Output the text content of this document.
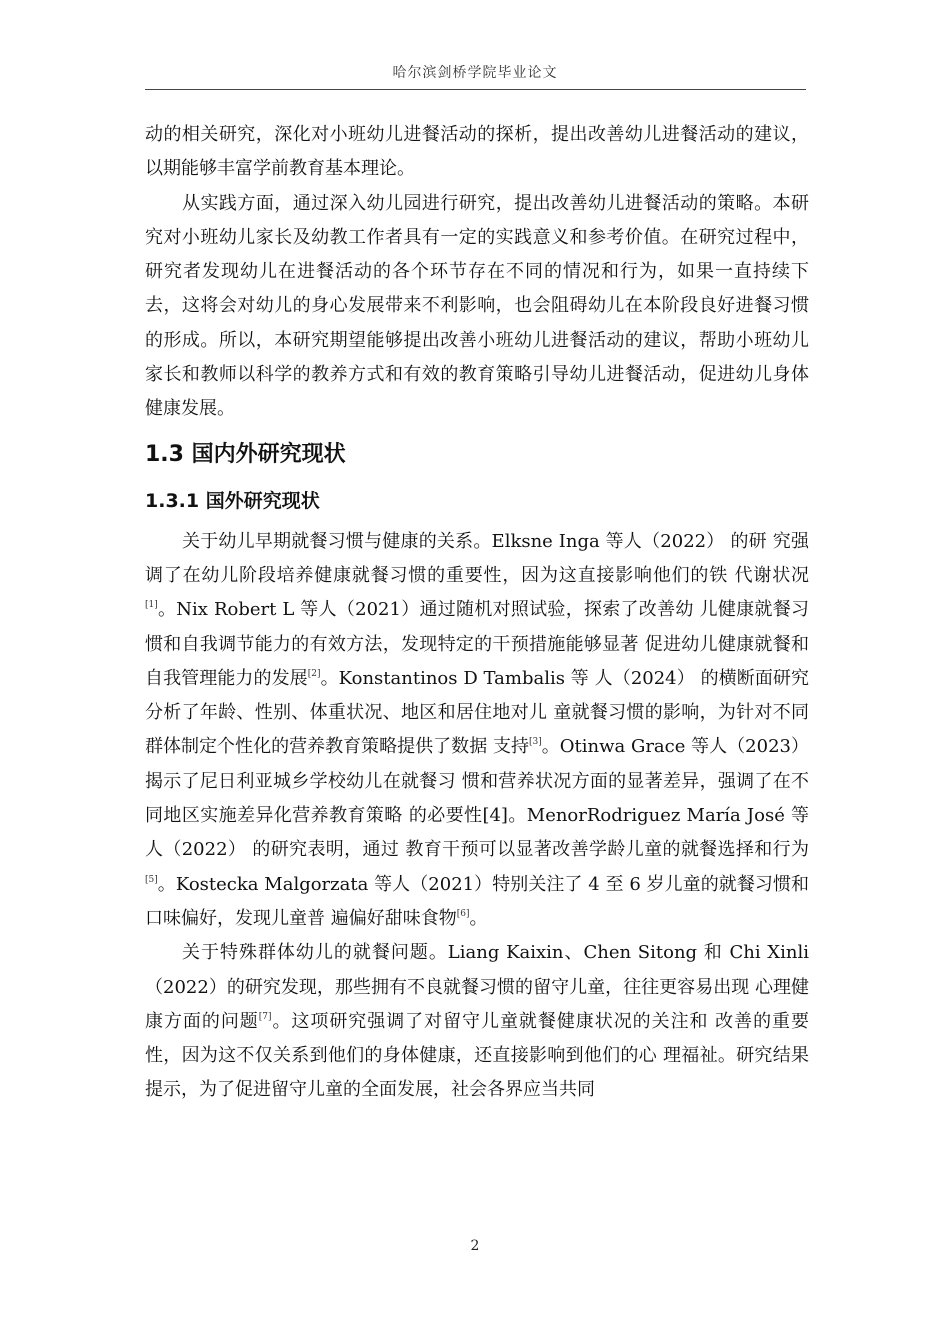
哈尔滨剑桥学院毕业论文

动的相关研究，深化对小班幼儿进餐活动的探析，提出改善幼儿进餐活动的建议， 以期能够丰富学前教育基本理论。

从实践方面，通过深入幼儿园进行研究，提出改善幼儿进餐活动的策略。本研究对小班幼儿家长及幼教工作者具有一定的实践意义和参考价值。在研究过程中，研究者发现幼儿在进餐活动的各个环节存在不同的情况和行为，如果一直持续下去，这将会对幼儿的身心发展带来不利影响，也会阻碍幼儿在本阶段良好进餐习惯的形成。所以，本研究期望能够提出改善小班幼儿进餐活动的建议，帮助小班幼儿家长和教师以科学的教养方式和有效的教育策略引导幼儿进餐活动，促进幼儿身体健康发展。

1.3 国内外研究现状
1.3.1 国外研究现状

关于幼儿早期就餐习惯与健康的关系。Elksne Inga 等人（2022） 的研 究强调了在幼儿阶段培养健康就餐习惯的重要性，因为这直接影响他们的铁 代谢状况[1]。Nix Robert L 等人（2021）通过随机对照试验，探索了改善幼 儿健康就餐习惯和自我调节能力的有效方法，发现特定的干预措施能够显著 促进幼儿健康就餐和自我管理能力的发展[2]。Konstantinos D Tambalis 等 人（2024） 的横断面研究分析了年龄、性别、体重状况、地区和居住地对儿 童就餐习惯的影响，为针对不同群体制定个性化的营养教育策略提供了数据 支持[3]。Otinwa Grace 等人（2023）揭示了尼日利亚城乡学校幼儿在就餐习 惯和营养状况方面的显著差异，强调了在不同地区实施差异化营养教育策略 的必要性[4]。MenorRodriguez María José 等人（2022） 的研究表明，通过 教育干预可以显著改善学龄儿童的就餐选择和行为[5]。Kostecka Malgorzata 等人（2021）特别关注了 4 至 6 岁儿童的就餐习惯和口味偏好，发现儿童普 遍偏好甜味食物[6]。

关于特殊群体幼儿的就餐问题。Liang Kaixin、Chen Sitong 和 Chi Xinli （2022）的研究发现，那些拥有不良就餐习惯的留守儿童，往往更容易出现 心理健康方面的问题[7]。这项研究强调了对留守儿童就餐健康状况的关注和 改善的重要性，因为这不仅关系到他们的身体健康，还直接影响到他们的心 理福祉。研究结果提示，为了促进留守儿童的全面发展，社会各界应当共同

2
